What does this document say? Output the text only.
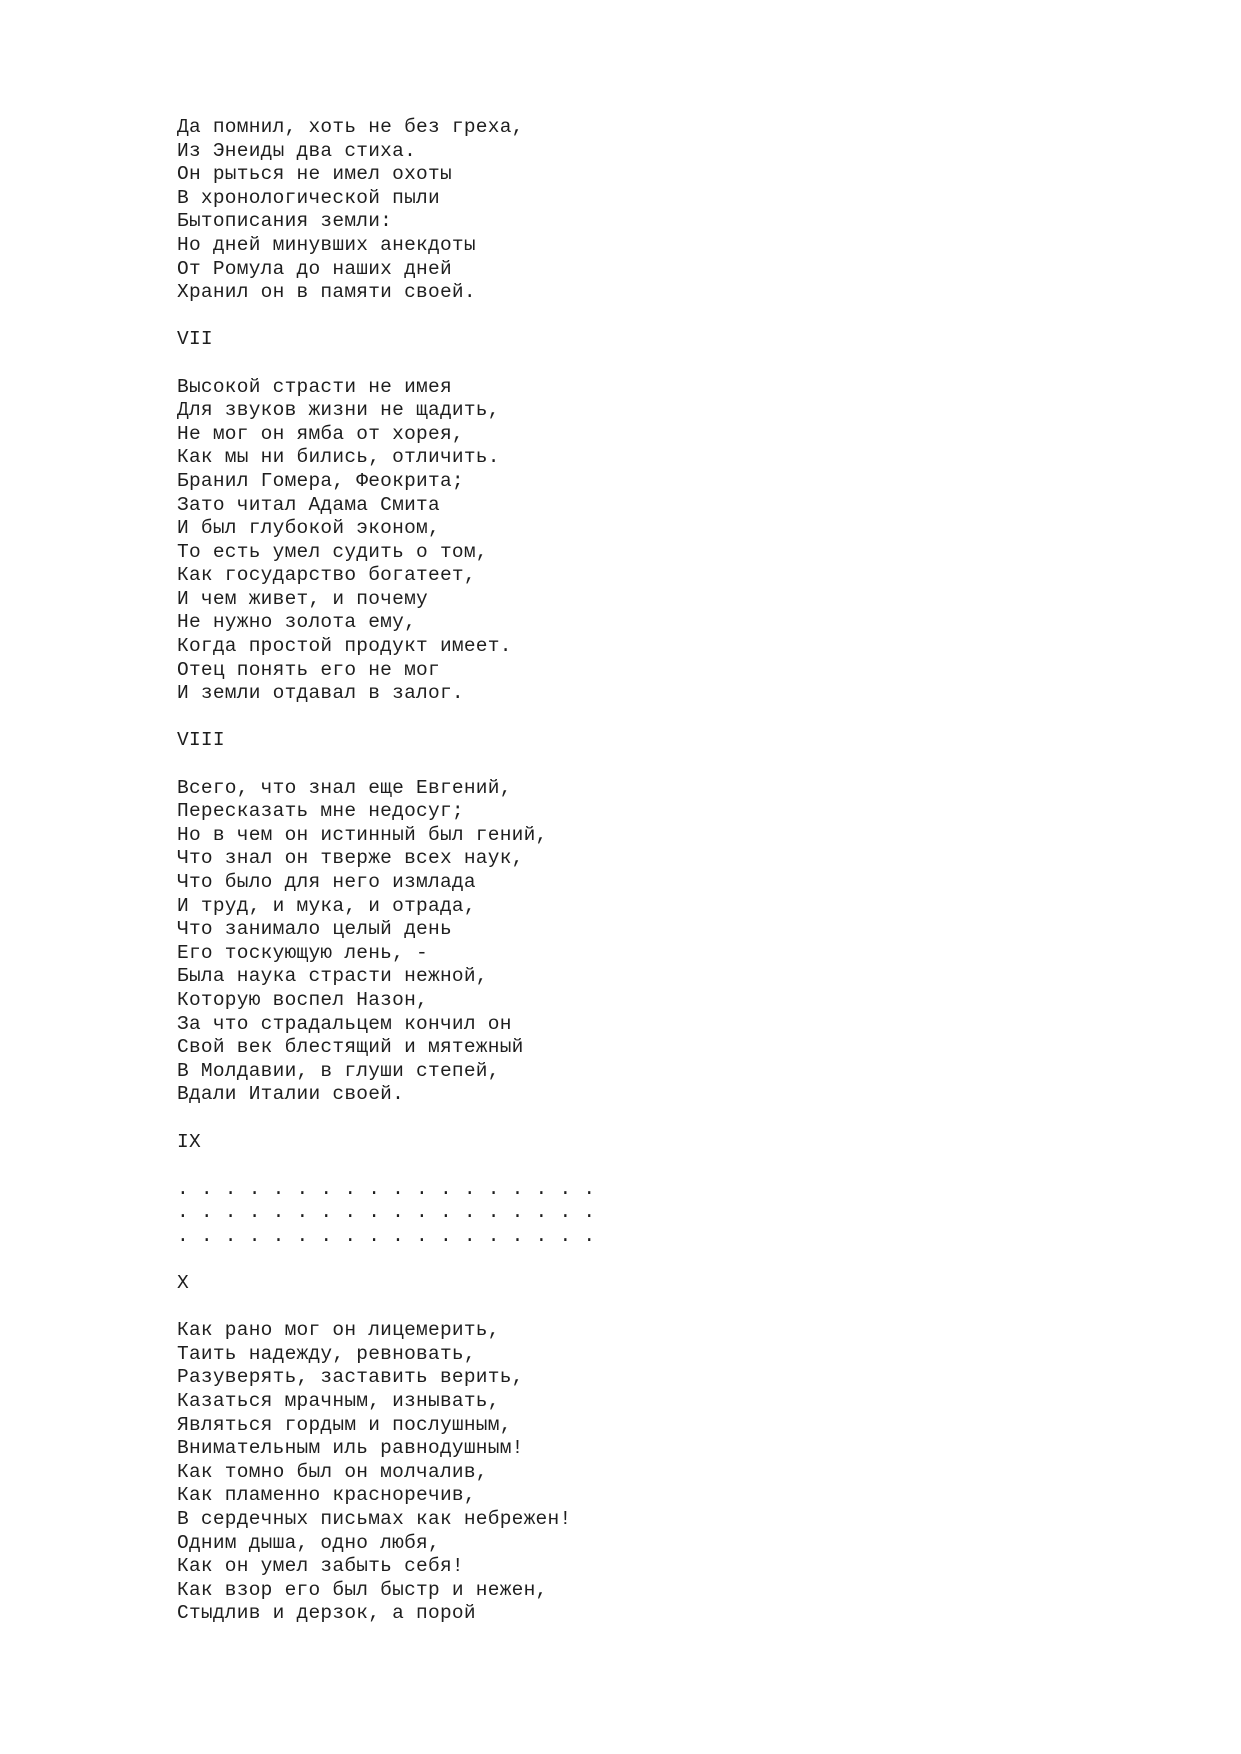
Да помнил, хоть не без греха,
Из Энеиды два стиха.
Он рыться не имел охоты
В хронологической пыли
Бытописания земли:
Но дней минувших анекдоты
От Ромула до наших дней
Хранил он в памяти своей.
VII
Высокой страсти не имея
Для звуков жизни не щадить,
Не мог он ямба от хорея,
Как мы ни бились, отличить.
Бранил Гомера, Феокрита;
Зато читал Адама Смита
И был глубокой эконом,
То есть умел судить о том,
Как государство богатеет,
И чем живет, и почему
Не нужно золота ему,
Когда простой продукт имеет.
Отец понять его не мог
И земли отдавал в залог.
VIII
Всего, что знал еще Евгений,
Пересказать мне недосуг;
Но в чем он истинный был гений,
Что знал он тверже всех наук,
Что было для него измлада
И труд, и мука, и отрада,
Что занимало целый день
Его тоскующую лень, -
Была наука страсти нежной,
Которую воспел Назон,
За что страдальцем кончил он
Свой век блестящий и мятежный
В Молдавии, в глуши степей,
Вдали Италии своей.
IX
. . . . . . . . . . . . . . . . . .
. . . . . . . . . . . . . . . . . .
. . . . . . . . . . . . . . . . . .
X
Как рано мог он лицемерить,
Таить надежду, ревновать,
Разуверять, заставить верить,
Казаться мрачным, изнывать,
Являться гордым и послушным,
Внимательным иль равнодушным!
Как томно был он молчалив,
Как пламенно красноречив,
В сердечных письмах как небрежен!
Одним дыша, одно любя,
Как он умел забыть себя!
Как взор его был быстр и нежен,
Стыдлив и дерзок, а порой
